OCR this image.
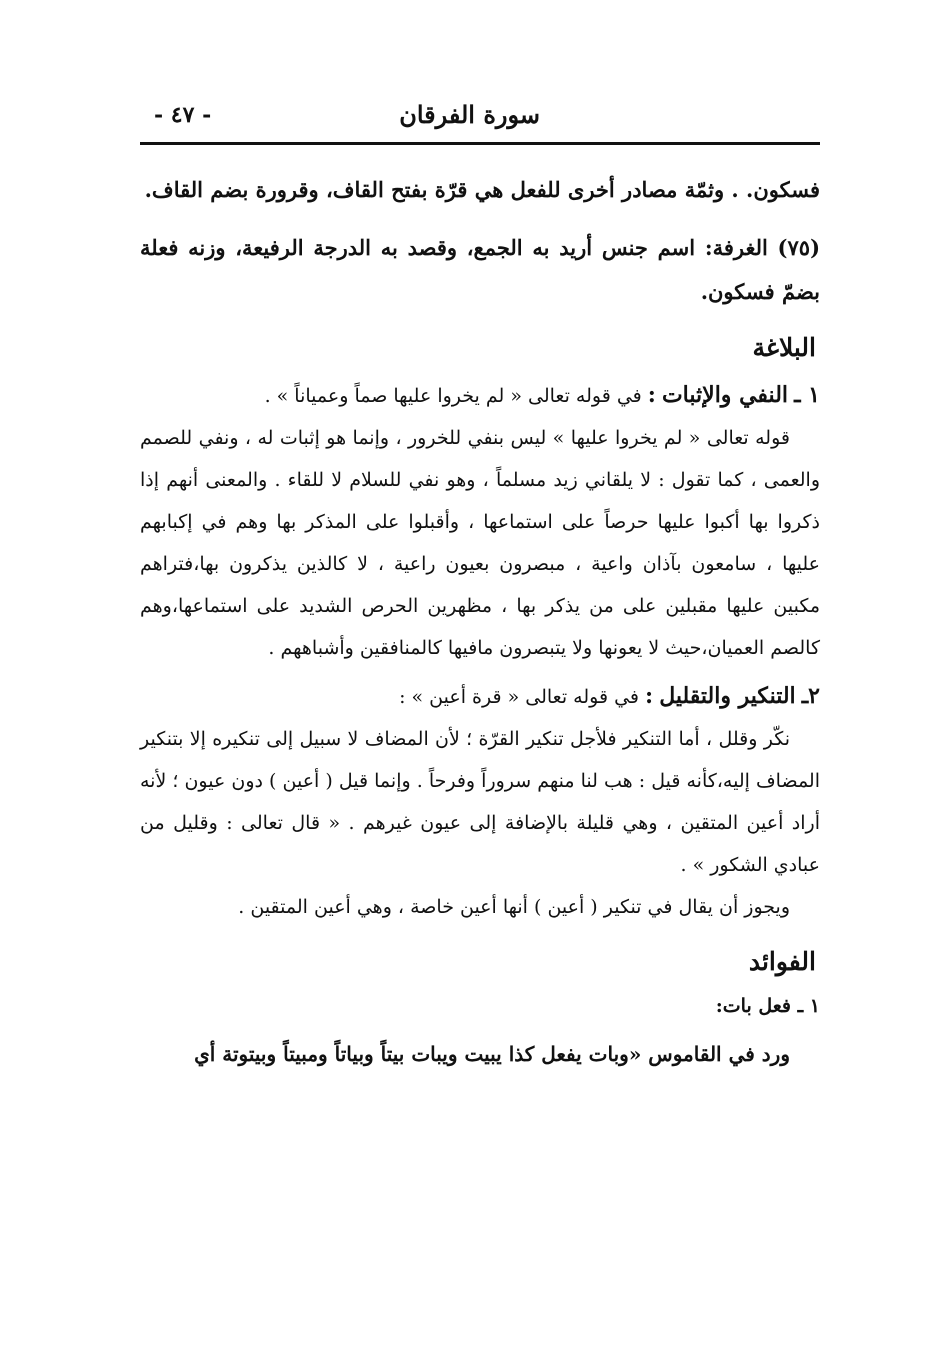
سورة الفرقان
- ٤٧ -

فسكون. . وثمّة مصادر أخرى للفعل هي قرّة بفتح القاف، وقرورة بضم القاف.

(٧٥) الغرفة: اسم جنس أريد به الجمع، وقصد به الدرجة الرفيعة، وزنه فعلة بضمّ فسكون.

البلاغة

١ ـ النفي والإثبات : في قوله تعالى « لم يخروا عليها صماً وعمياناً » .

قوله تعالى « لم يخروا عليها » ليس بنفي للخرور ، وإنما هو إثبات له ، ونفي للصمم والعمى ، كما تقول : لا يلقاني زيد مسلماً ، وهو نفي للسلام لا للقاء . والمعنى أنهم إذا ذكروا بها أكبوا عليها حرصاً على استماعها ، وأقبلوا على المذكر بها وهم في إكبابهم عليها ، سامعون بآذان واعية ، مبصرون بعيون راعية ، لا كالذين يذكرون بها،فتراهم مكبين عليها مقبلين على من يذكر بها ، مظهرين الحرص الشديد على استماعها،وهم كالصم العميان،حيث لا يعونها ولا يتبصرون مافيها كالمنافقين وأشباههم .

٢ـ التنكير والتقليل : في قوله تعالى « قرة أعين » :

نكّر وقلل ، أما التنكير فلأجل تنكير القرّة ؛ لأن المضاف لا سبيل إلى تنكيره إلا بتنكير المضاف إليه،كأنه قيل : هب لنا منهم سروراً وفرحاً . وإنما قيل ( أعين ) دون عيون ؛ لأنه أراد أعين المتقين ، وهي قليلة بالإضافة إلى عيون غيرهم . « قال تعالى : وقليل من عبادي الشكور » .

ويجوز أن يقال في تنكير ( أعين ) أنها أعين خاصة ، وهي أعين المتقين .

الفوائد

١ ـ فعل بات:

ورد في القاموس «وبات يفعل كذا يبيت ويبات بيتاً وبياتاً ومبيتاً وبيتوتة أي
